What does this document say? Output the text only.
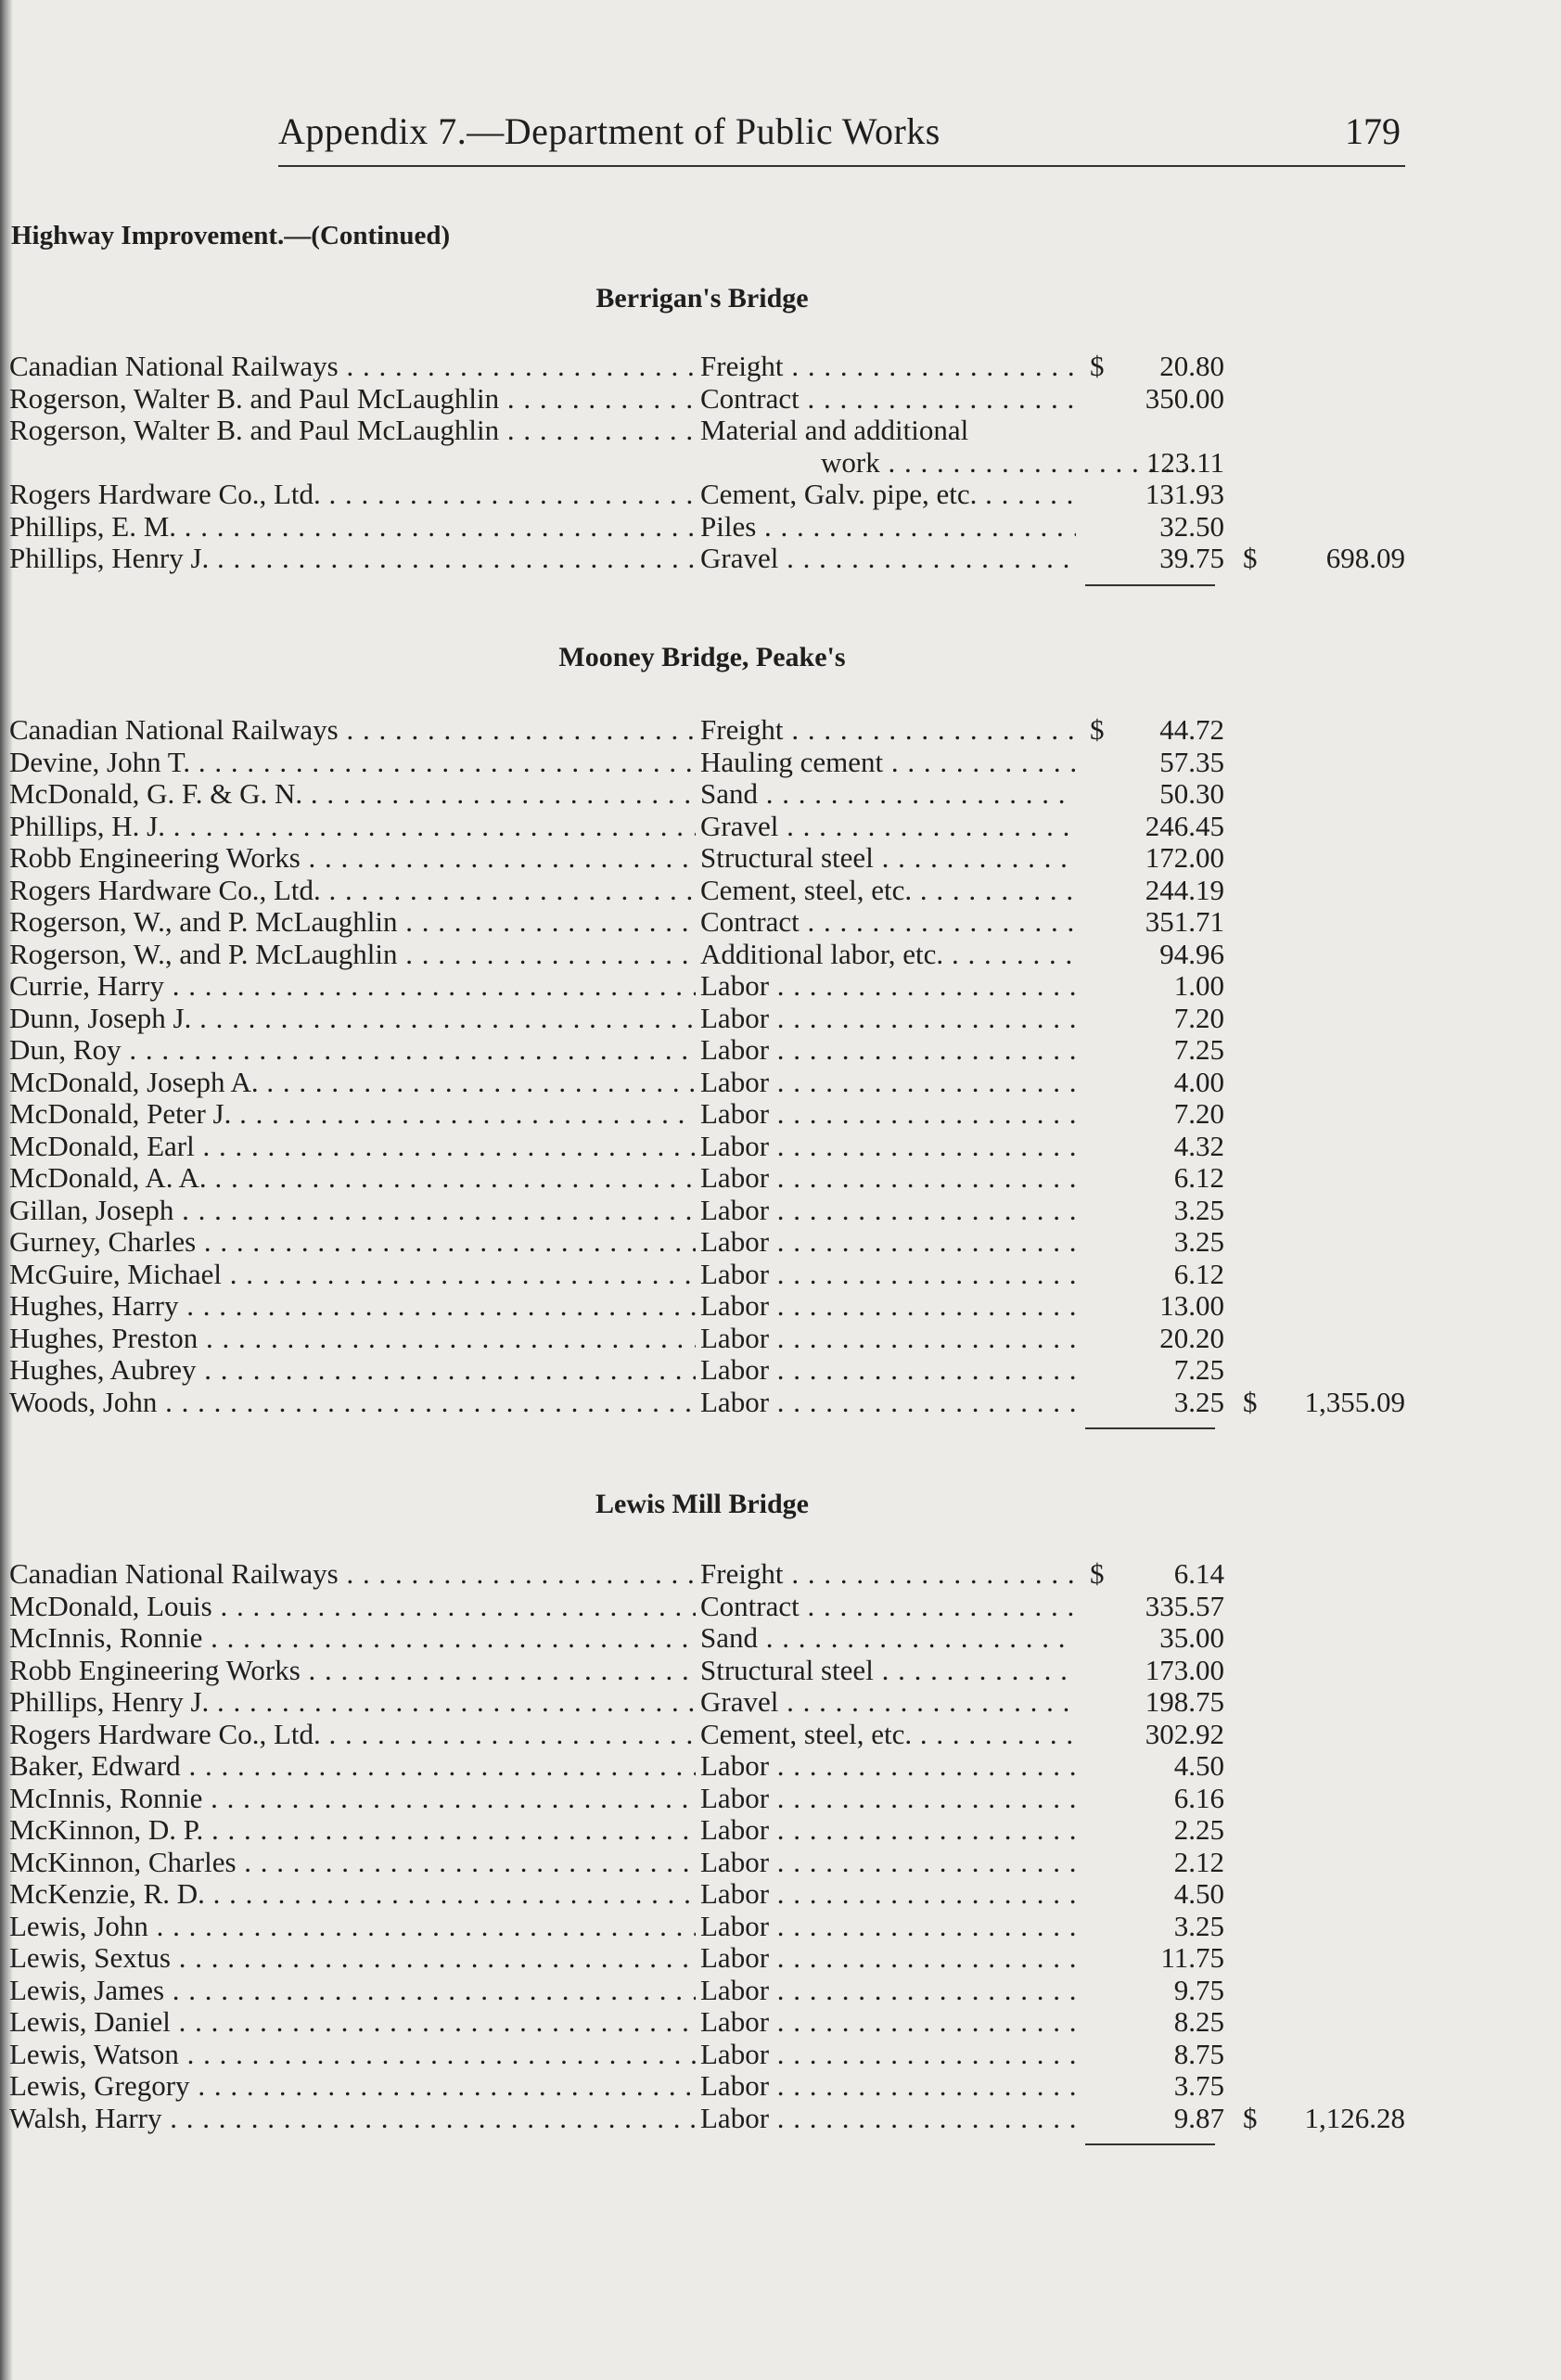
Appendix 7.—Department of Public Works	179
Highway Improvement.—(Continued)
Berrigan's Bridge
Canadian National Railways . . .	Freight . . .	$	20.80
Rogerson, Walter B. and Paul McLaughlin . . .	Contract . . .	350.00
Rogerson, Walter B. and Paul McLaughlin . . .	Material and additional
work . . .	123.11
Rogers Hardware Co., Ltd. . . .	Cement, Galv. pipe, etc. . . .	131.93
Phillips, E. M. . . .	Piles . . .	32.50
Phillips, Henry J. . . .	Gravel . . .	39.75 $	698.09
Mooney Bridge, Peake's
Canadian National Railways . . .	Freight . . .	$	44.72
Devine, John T. . . .	Hauling cement . . .	57.35
McDonald, G. F. & G. N. . . .	Sand . . .	50.30
Phillips, H. J. . . .	Gravel . . .	246.45
Robb Engineering Works . . .	Structural steel . . .	172.00
Rogers Hardware Co., Ltd. . . .	Cement, steel, etc. . . .	244.19
Rogerson, W., and P. McLaughlin . . .	Contract . . .	351.71
Rogerson, W., and P. McLaughlin . . .	Additional labor, etc. . . .	94.96
Currie, Harry . . .	Labor . . .	1.00
Dunn, Joseph J. . . .	Labor . . .	7.20
Dun, Roy . . .	Labor . . .	7.25
McDonald, Joseph A. . . .	Labor . . .	4.00
McDonald, Peter J. . . .	Labor . . .	7.20
McDonald, Earl . . .	Labor . . .	4.32
McDonald, A. A. . . .	Labor . . .	6.12
Gillan, Joseph . . .	Labor . . .	3.25
Gurney, Charles . . .	Labor . . .	3.25
McGuire, Michael . . .	Labor . . .	6.12
Hughes, Harry . . .	Labor . . .	13.00
Hughes, Preston . . .	Labor . . .	20.20
Hughes, Aubrey . . .	Labor . . .	7.25
Woods, John . . .	Labor . . .	3.25 $	1,355.09
Lewis Mill Bridge
Canadian National Railways . . .	Freight . . .	$	6.14
McDonald, Louis . . .	Contract . . .	335.57
McInnis, Ronnie . . .	Sand . . .	35.00
Robb Engineering Works . . .	Structural steel . . .	173.00
Phillips, Henry J. . . .	Gravel . . .	198.75
Rogers Hardware Co., Ltd. . . .	Cement, steel, etc. . . .	302.92
Baker, Edward . . .	Labor . . .	4.50
McInnis, Ronnie . . .	Labor . . .	6.16
McKinnon, D. P. . . .	Labor . . .	2.25
McKinnon, Charles . . .	Labor . . .	2.12
McKenzie, R. D. . . .	Labor . . .	4.50
Lewis, John . . .	Labor . . .	3.25
Lewis, Sextus . . .	Labor . . .	11.75
Lewis, James . . .	Labor . . .	9.75
Lewis, Daniel . . .	Labor . . .	8.25
Lewis, Watson . . .	Labor . . .	8.75
Lewis, Gregory . . .	Labor . . .	3.75
Walsh, Harry . . .	Labor . . .	9.87 $	1,126.28
